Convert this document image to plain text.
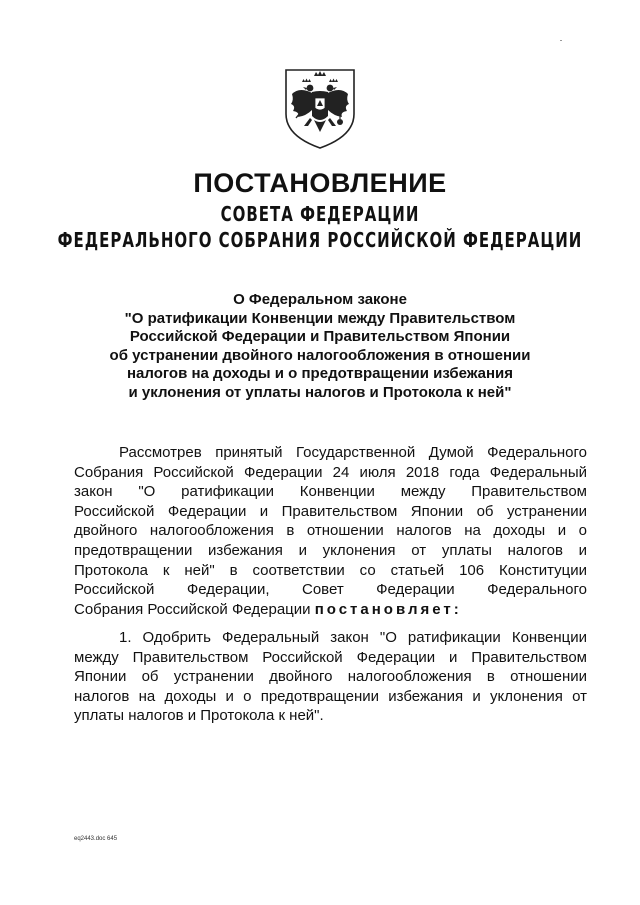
ПОСТАНОВЛЕНИЕ
СОВЕТА ФЕДЕРАЦИИ
ФЕДЕРАЛЬНОГО СОБРАНИЯ РОССИЙСКОЙ ФЕДЕРАЦИИ
О Федеральном законе
"О ратификации Конвенции между Правительством
Российской Федерации и Правительством Японии
об устранении двойного налогообложения в отношении
налогов на доходы и о предотвращении избежания
и уклонения от уплаты налогов и Протокола к ней"
Рассмотрев принятый Государственной Думой Федерального
Собрания Российской Федерации 24 июля 2018 года Федеральный
закон "О ратификации Конвенции между Правительством
Российской Федерации и Правительством Японии об устранении
двойного налогообложения в отношении налогов на доходы и о
предотвращении избежания и уклонения от уплаты налогов и
Протокола к ней" в соответствии со статьей 106 Конституции
Российской Федерации, Совет Федерации Федерального
Собрания Российской Федерации постановляет:
1. Одобрить Федеральный закон "О ратификации Конвенции
между Правительством Российской Федерации и Правительством
Японии об устранении двойного налогообложения в отношении
налогов на доходы и о предотвращении избежания и уклонения от
уплаты налогов и Протокола к ней".
eq2443.doc 645
